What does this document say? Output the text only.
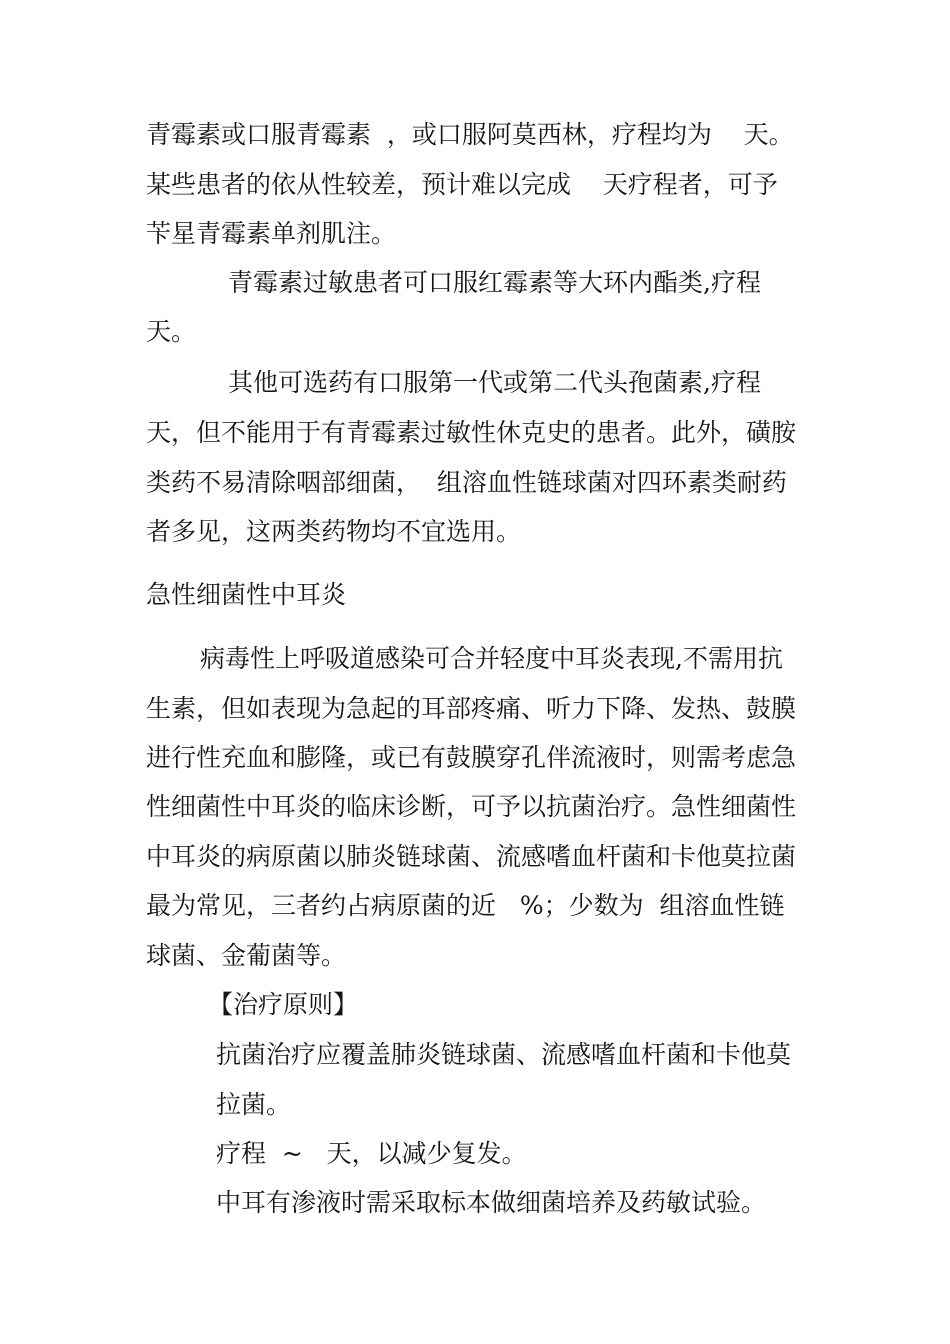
青霉素或口服青霉素  ，或口服阿莫西林，疗程均为    天。
某些患者的依从性较差，预计难以完成    天疗程者，可予
苄星青霉素单剂肌注。
青霉素过敏患者可口服红霉素等大环内酯类,疗程
天。
其他可选药有口服第一代或第二代头孢菌素,疗程
天，但不能用于有青霉素过敏性休克史的患者。此外，磺胺
类药不易清除咽部细菌，  组溶血性链球菌对四环素类耐药
者多见，这两类药物均不宜选用。
急性细菌性中耳炎
病毒性上呼吸道感染可合并轻度中耳炎表现,不需用抗
生素，但如表现为急起的耳部疼痛、听力下降、发热、鼓膜
进行性充血和膨隆，或已有鼓膜穿孔伴流液时，则需考虑急
性细菌性中耳炎的临床诊断，可予以抗菌治疗。急性细菌性
中耳炎的病原菌以肺炎链球菌、流感嗜血杆菌和卡他莫拉菌
最为常见，三者约占病原菌的近   %；少数为  组溶血性链
球菌、金葡菌等。
【治疗原则】
抗菌治疗应覆盖肺炎链球菌、流感嗜血杆菌和卡他莫
拉菌。
疗程  ~   天，以减少复发。
中耳有渗液时需采取标本做细菌培养及药敏试验。
